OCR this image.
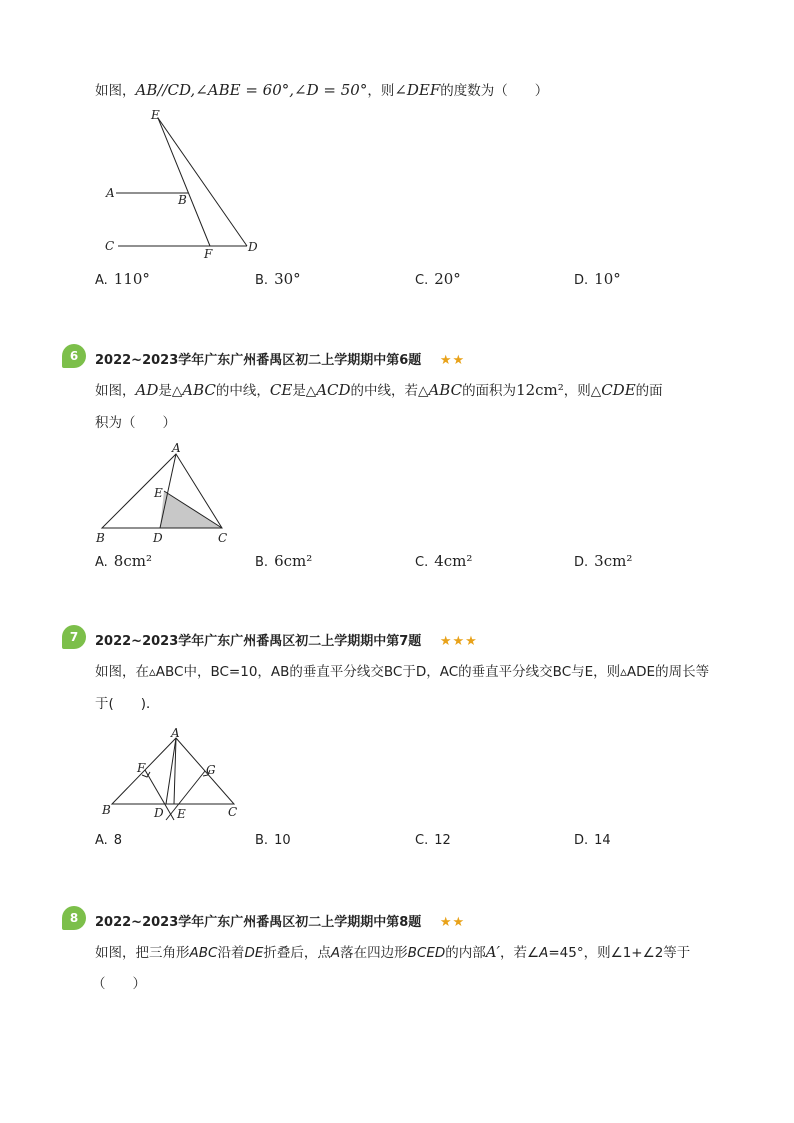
如图，AB//CD,∠ABE = 60°,∠D = 50°，则∠DEF的度数为（　　）
E
A	B
C
F	D
A. 110°	B. 30°	C. 20°	D. 10°
6	2022~2023学年广东广州番禺区初二上学期期中第6题 ★★
如图，AD是△ABC的中线，CE是△ACD的中线，若△ABC的面积为12cm²，则△CDE的面
积为（　　）
A
E
B	D	C
A. 8cm²	B. 6cm²	C. 4cm²	D. 3cm²
7	2022~2023学年广东广州番禺区初二上学期期中第7题 ★★★
如图，在▵ABC中，BC=10，AB的垂直平分线交BC于D，AC的垂直平分线交BC与E，则▵ADE的周长等
于(　　)．
A
F	G
B	D E	C
A. 8	B. 10	C. 12	D. 14
8	2022~2023学年广东广州番禺区初二上学期期中第8题 ★★
如图，把三角形ABC沿着DE折叠后，点A落在四边形BCED的内部A′，若∠A=45°，则∠1+∠2等于
（　　）
